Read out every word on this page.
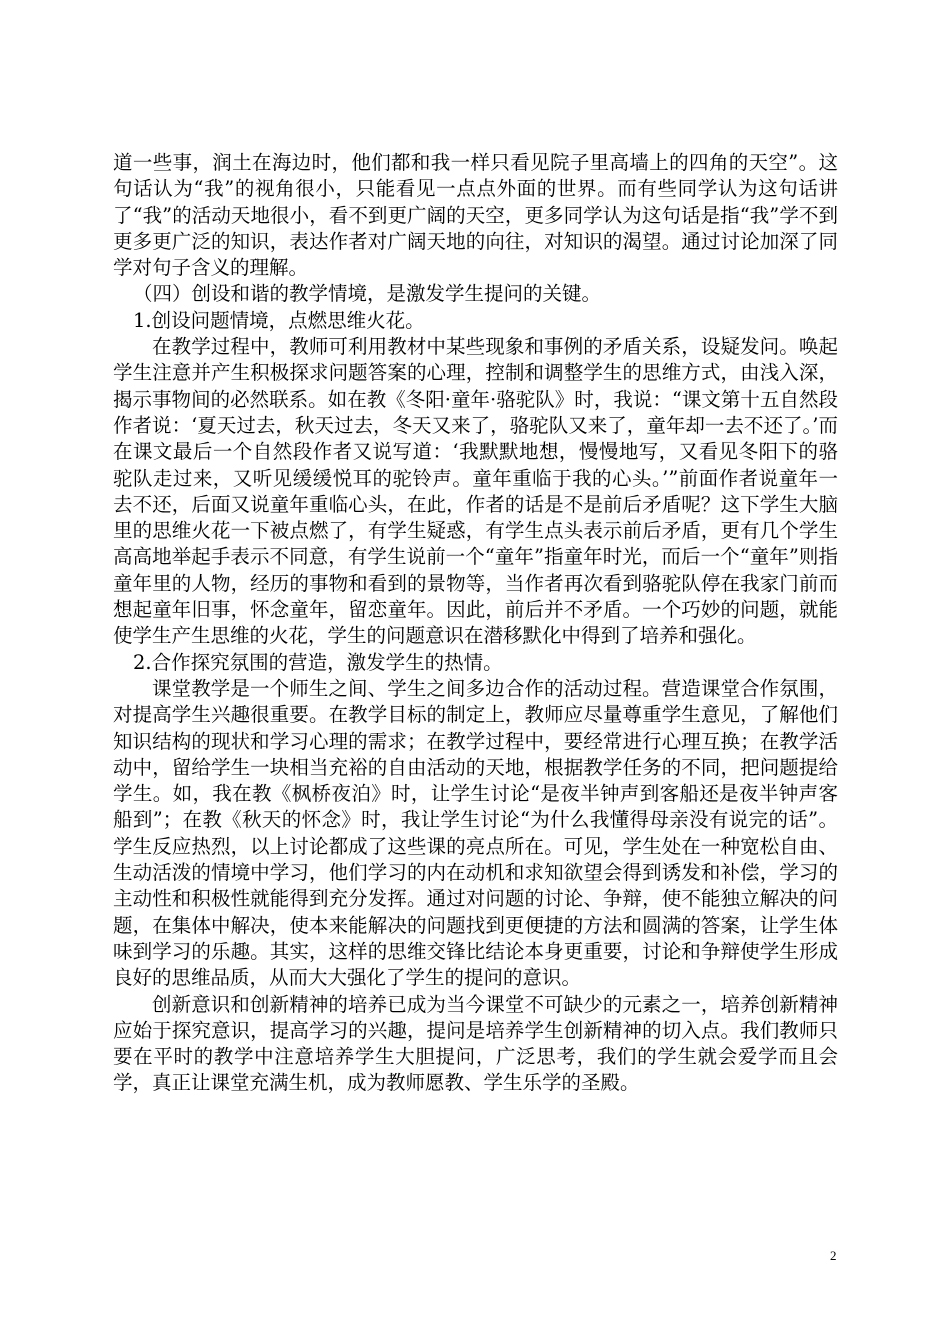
道一些事，润土在海边时，他们都和我一样只看见院子里高墙上的四角的天空”。这句话认为“我”的视角很小，只能看见一点点外面的世界。而有些同学认为这句话讲了“我”的活动天地很小，看不到更广阔的天空，更多同学认为这句话是指“我”学不到更多更广泛的知识，表达作者对广阔天地的向往，对知识的渴望。通过讨论加深了同学对句子含义的理解。

（四）创设和谐的教学情境，是激发学生提问的关键。

1.创设问题情境，点燃思维火花。

在教学过程中，教师可利用教材中某些现象和事例的矛盾关系，设疑发问。唤起学生注意并产生积极探求问题答案的心理，控制和调整学生的思维方式，由浅入深，揭示事物间的必然联系。如在教《冬阳·童年·骆驼队》时，我说：“课文第十五自然段作者说：‘夏天过去，秋天过去，冬天又来了，骆驼队又来了，童年却一去不还了。’而在课文最后一个自然段作者又说写道：‘我默默地想，慢慢地写，又看见冬阳下的骆驼队走过来，又听见缓缓悦耳的驼铃声。童年重临于我的心头。’”前面作者说童年一去不还，后面又说童年重临心头，在此，作者的话是不是前后矛盾呢？这下学生大脑里的思维火花一下被点燃了，有学生疑惑，有学生点头表示前后矛盾，更有几个学生高高地举起手表示不同意，有学生说前一个“童年”指童年时光，而后一个“童年”则指童年里的人物，经历的事物和看到的景物等，当作者再次看到骆驼队停在我家门前而想起童年旧事，怀念童年，留恋童年。因此，前后并不矛盾。一个巧妙的问题，就能使学生产生思维的火花，学生的问题意识在潜移默化中得到了培养和强化。

2.合作探究氛围的营造，激发学生的热情。

课堂教学是一个师生之间、学生之间多边合作的活动过程。营造课堂合作氛围，对提高学生兴趣很重要。在教学目标的制定上，教师应尽量尊重学生意见，了解他们知识结构的现状和学习心理的需求；在教学过程中，要经常进行心理互换；在教学活动中，留给学生一块相当充裕的自由活动的天地，根据教学任务的不同，把问题提给学生。如，我在教《枫桥夜泊》时，让学生讨论“是夜半钟声到客船还是夜半钟声客船到”；在教《秋天的怀念》时，我让学生讨论“为什么我懂得母亲没有说完的话”。学生反应热烈，以上讨论都成了这些课的亮点所在。可见，学生处在一种宽松自由、生动活泼的情境中学习，他们学习的内在动机和求知欲望会得到诱发和补偿，学习的主动性和积极性就能得到充分发挥。通过对问题的讨论、争辩，使不能独立解决的问题，在集体中解决，使本来能解决的问题找到更便捷的方法和圆满的答案，让学生体味到学习的乐趣。其实，这样的思维交锋比结论本身更重要，讨论和争辩使学生形成良好的思维品质，从而大大强化了学生的提问的意识。

创新意识和创新精神的培养已成为当今课堂不可缺少的元素之一，培养创新精神应始于探究意识，提高学习的兴趣，提问是培养学生创新精神的切入点。我们教师只要在平时的教学中注意培养学生大胆提问，广泛思考，我们的学生就会爱学而且会学，真正让课堂充满生机，成为教师愿教、学生乐学的圣殿。

2
